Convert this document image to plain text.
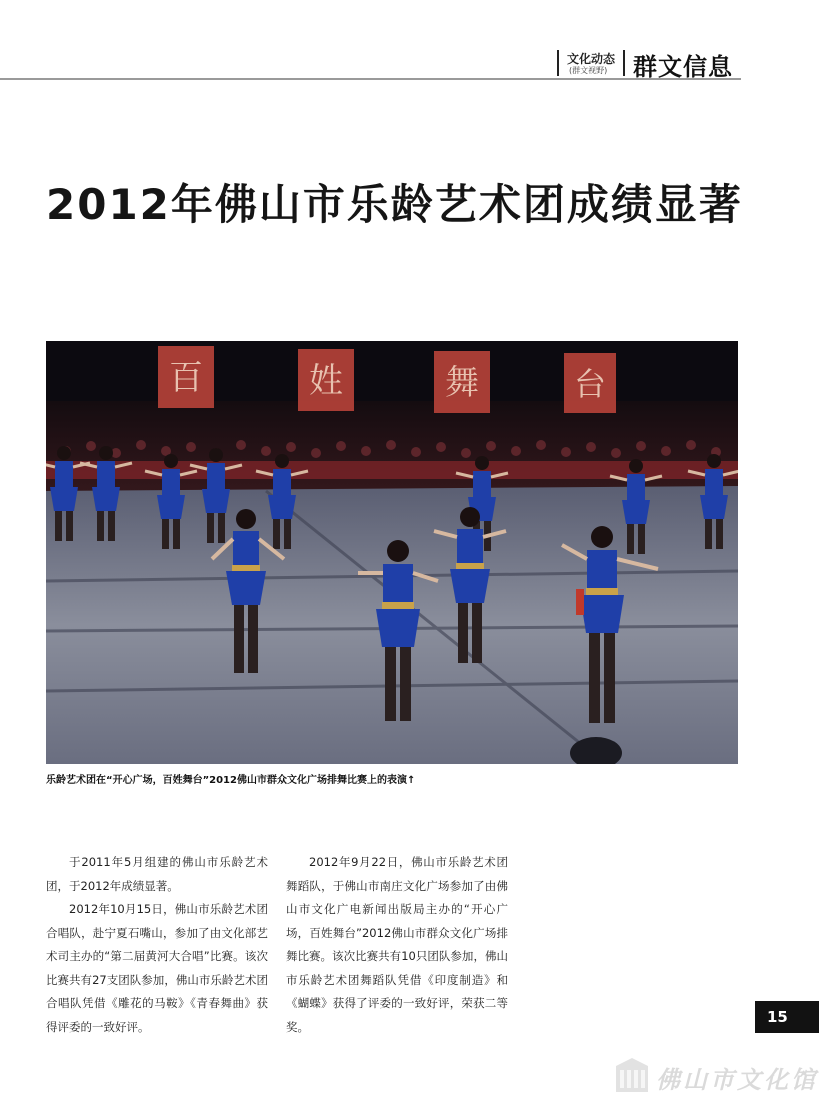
文化动态
(群文视野) 群文信息
2012年佛山市乐龄艺术团成绩显著
百	姓	舞	台
乐龄艺术团在“开心广场，百姓舞台”2012佛山市群众文化广场排舞比赛上的表演↑

于2011年5月组建的佛山市乐龄艺术团，于2012年成绩显著。

2012年10月15日，佛山市乐龄艺术团合唱队，赴宁夏石嘴山，参加了由文化部艺术司主办的“第二届黄河大合唱”比赛。该次比赛共有27支团队参加，佛山市乐龄艺术团合唱队凭借《雕花的马鞍》《青春舞曲》获得评委的一致好评。

2012年9月22日，佛山市乐龄艺术团舞蹈队，于佛山市南庄文化广场参加了由佛山市文化广电新闻出版局主办的“开心广场，百姓舞台”2012佛山市群众文化广场排舞比赛。该次比赛共有10只团队参加，佛山市乐龄艺术团舞蹈队凭借《印度制造》和《蝴蝶》获得了评委的一致好评，荣获二等奖。

15
佛山市文化馆
